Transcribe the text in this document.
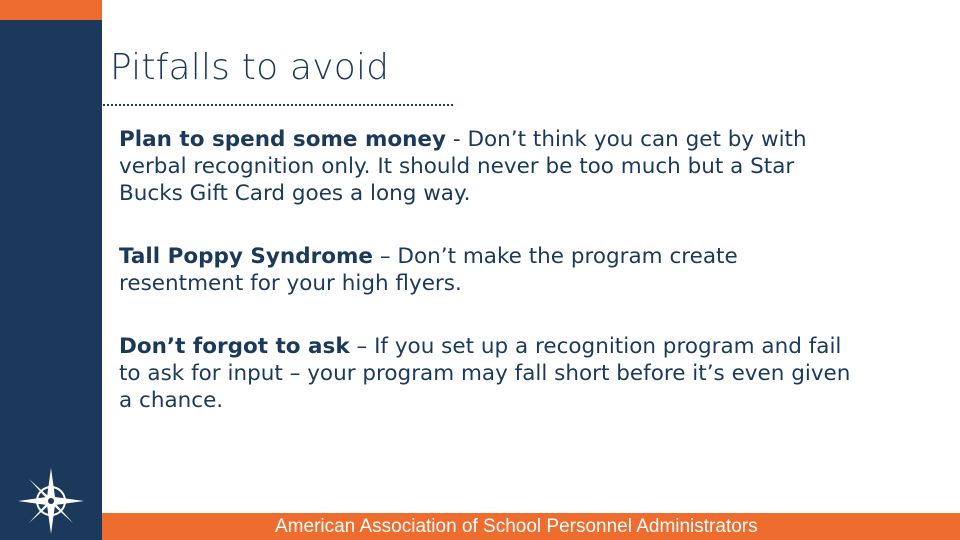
Pitfalls to avoid

Plan to spend some money - Don’t think you can get by with verbal recognition only. It should never be too much but a Star Bucks Gift Card goes a long way.

Tall Poppy Syndrome – Don’t make the program create resentment for your high flyers.

Don’t forgot to ask – If you set up a recognition program and fail to ask for input – your program may fall short before it’s even given a chance.

American Association of School Personnel Administrators
